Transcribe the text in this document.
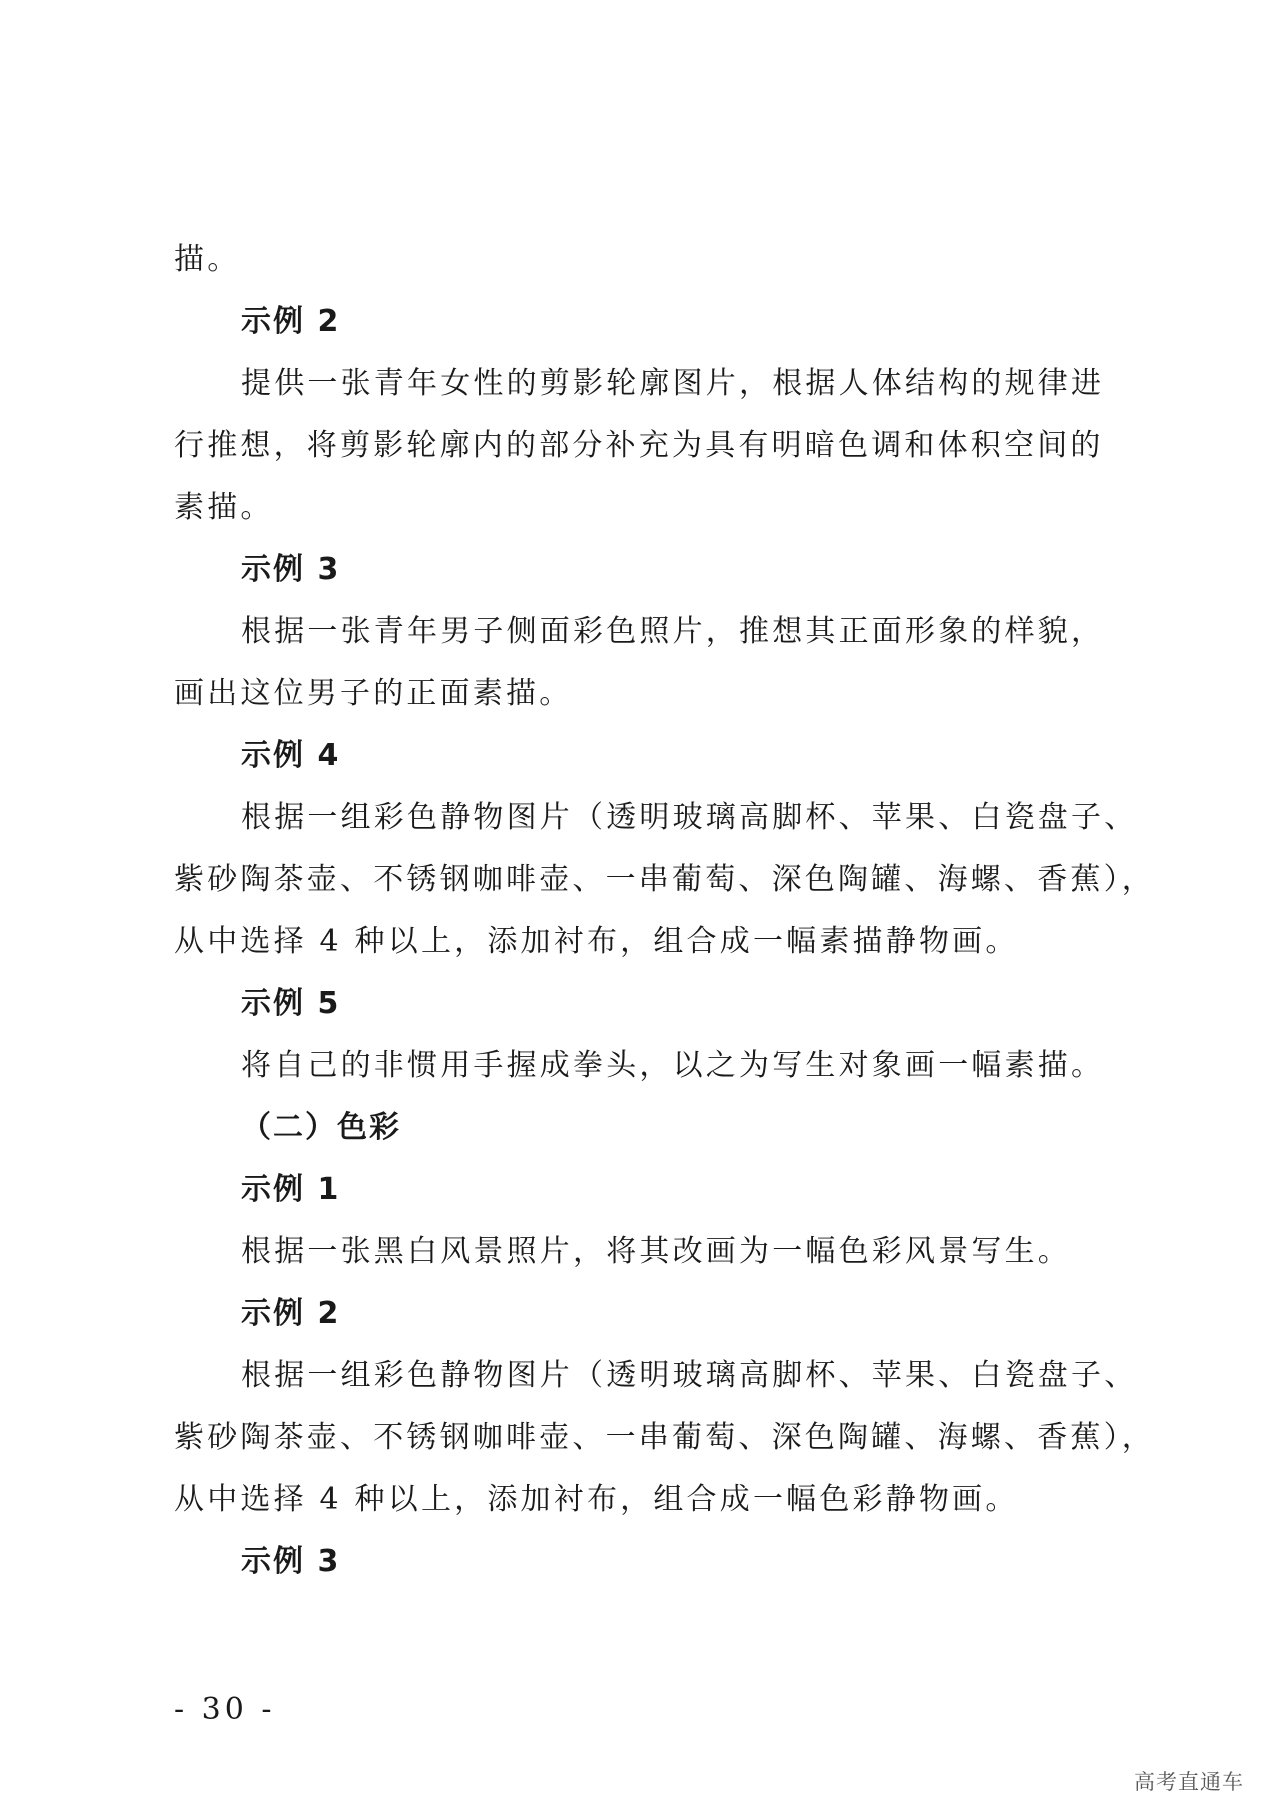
描。
示例 2
提供一张青年女性的剪影轮廓图片，根据人体结构的规律进
行推想，将剪影轮廓内的部分补充为具有明暗色调和体积空间的
素描。
示例 3
根据一张青年男子侧面彩色照片，推想其正面形象的样貌，
画出这位男子的正面素描。
示例 4
根据一组彩色静物图片（透明玻璃高脚杯、苹果、白瓷盘子、
紫砂陶茶壶、不锈钢咖啡壶、一串葡萄、深色陶罐、海螺、香蕉），
从中选择 4 种以上，添加衬布，组合成一幅素描静物画。
示例 5
将自己的非惯用手握成拳头，以之为写生对象画一幅素描。
（二）色彩
示例 1
根据一张黑白风景照片，将其改画为一幅色彩风景写生。
示例 2
根据一组彩色静物图片（透明玻璃高脚杯、苹果、白瓷盘子、
紫砂陶茶壶、不锈钢咖啡壶、一串葡萄、深色陶罐、海螺、香蕉），
从中选择 4 种以上，添加衬布，组合成一幅色彩静物画。
示例 3
- 30 -
高考直通车
